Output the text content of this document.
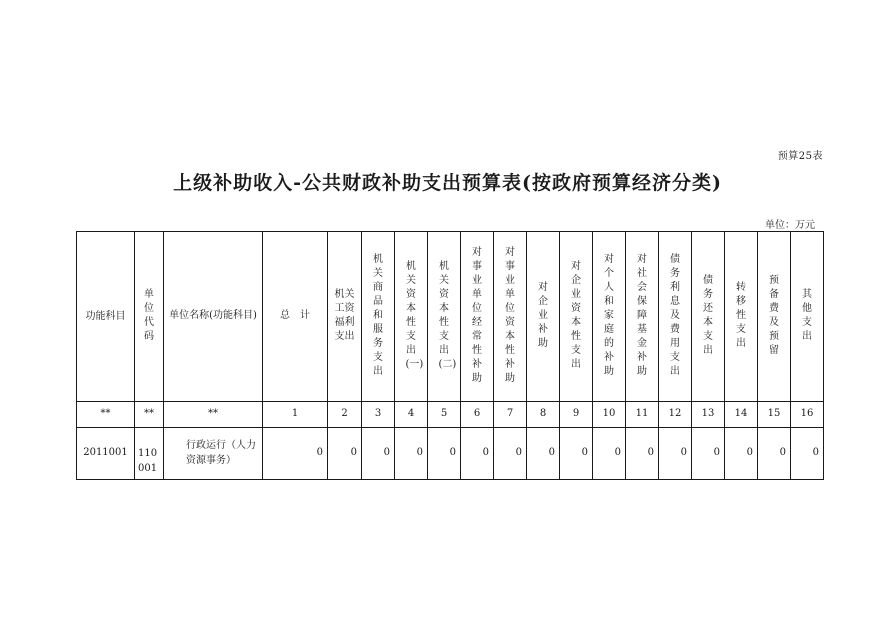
预算25表
上级补助收入-公共财政补助支出预算表(按政府预算经济分类)
单位：万元
功能科目	单位代码	单位名称(功能科目)	总　计	机关工资福利支出	机关商品和服务支出	机关资本性支出(一)	机关资本性支出(二)	对事业单位经常性补助	对事业单位资本性补助	对企业补助	对企业资本性支出	对个人和家庭的补助	对社会保障基金补助	债务利息及费用支出	债务还本支出	转移性支出	预备费及预留	其他支出
**	**	**	1	2	3	4	5	6	7	8	9	10	11	12	13	14	15	16
2011001	110001	行政运行（人力资源事务）	0	0	0	0	0	0	0	0	0	0	0	0	0	0	0	0
